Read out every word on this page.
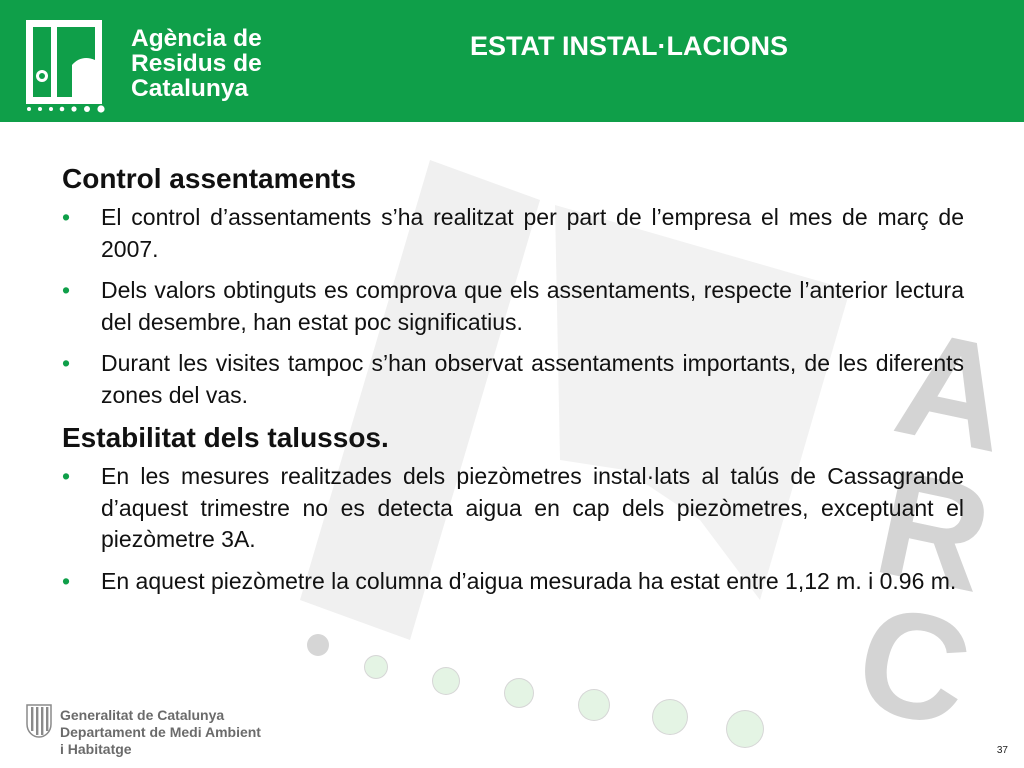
Agència de
Residus de
Catalunya
ESTAT INSTAL·LACIONS
A
R
C
Control assentaments
• El control d’assentaments s’ha realitzat per part de l’empresa el mes de març de 2007.
• Dels valors obtinguts es comprova que els assentaments, respecte l’anterior lectura del desembre, han estat poc significatius.
• Durant les visites tampoc s’han observat assentaments importants, de les diferents zones del vas.
Estabilitat dels talussos.
• En les mesures realitzades dels piezòmetres instal·lats al talús de Cassagrande d’aquest trimestre no es detecta aigua en cap dels piezòmetres, exceptuant el piezòmetre 3A.
• En aquest piezòmetre la columna d’aigua mesurada ha estat entre 1,12 m. i 0.96 m.
Generalitat de Catalunya
Departament de Medi Ambient
i Habitatge	37
